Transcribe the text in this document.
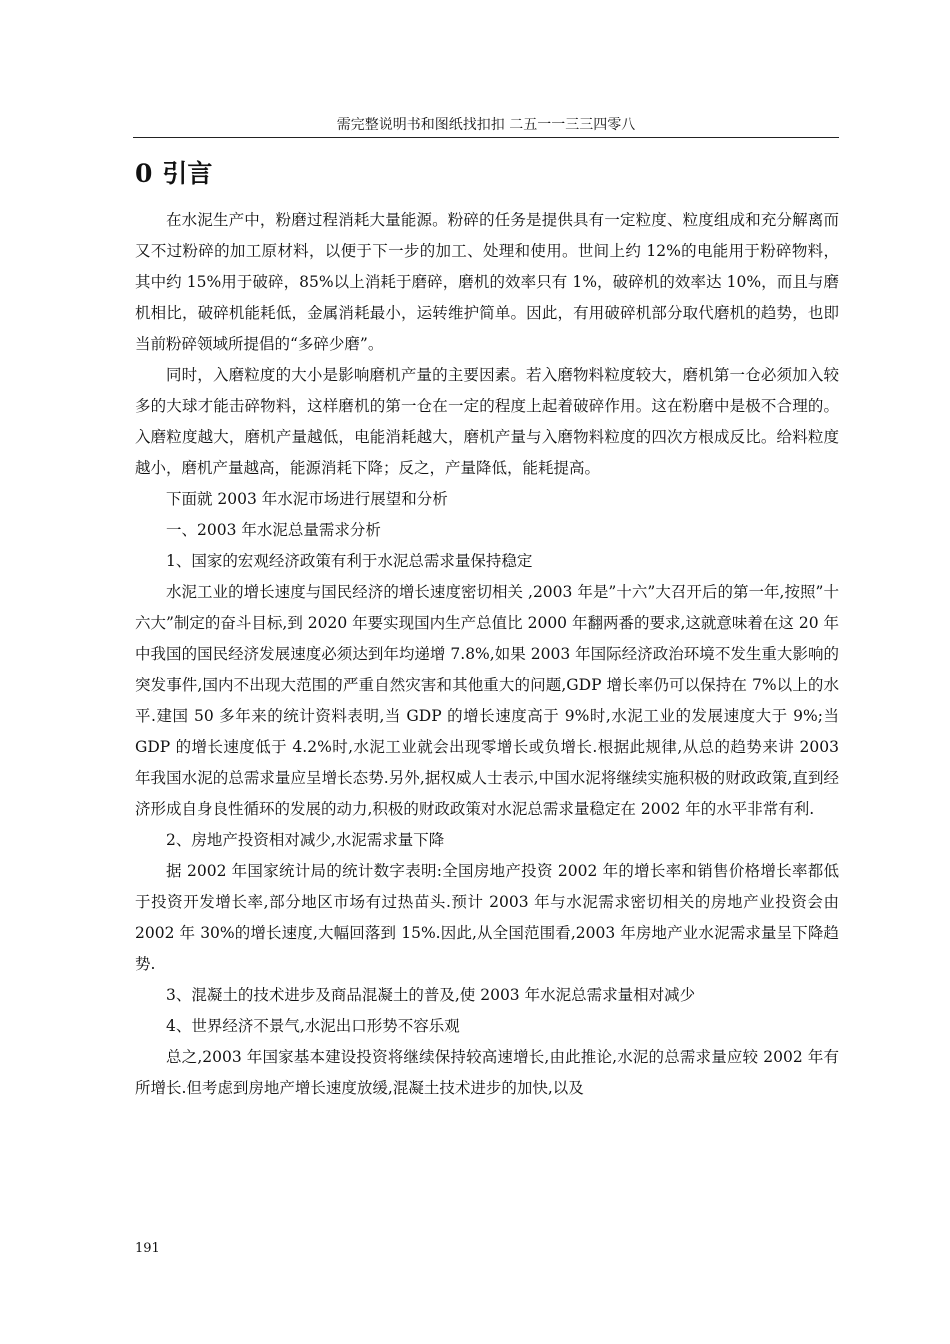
需完整说明书和图纸找扣扣 二五一一三三四零八
0 引言

在水泥生产中，粉磨过程消耗大量能源。粉碎的任务是提供具有一定粒度、粒度组成和充分解离而又不过粉碎的加工原材料，以便于下一步的加工、处理和使用。世间上约 12%的电能用于粉碎物料，其中约 15%用于破碎，85%以上消耗于磨碎，磨机的效率只有 1%，破碎机的效率达 10%，而且与磨机相比，破碎机能耗低，金属消耗最小，运转维护简单。因此，有用破碎机部分取代磨机的趋势，也即当前粉碎领域所提倡的“多碎少磨”。

同时，入磨粒度的大小是影响磨机产量的主要因素。若入磨物料粒度较大，磨机第一仓必须加入较多的大球才能击碎物料，这样磨机的第一仓在一定的程度上起着破碎作用。这在粉磨中是极不合理的。入磨粒度越大，磨机产量越低，电能消耗越大，磨机产量与入磨物料粒度的四次方根成反比。给料粒度越小，磨机产量越高，能源消耗下降；反之，产量降低，能耗提高。

下面就 2003 年水泥市场进行展望和分析

一、2003 年水泥总量需求分析

1、国家的宏观经济政策有利于水泥总需求量保持稳定

水泥工业的增长速度与国民经济的增长速度密切相关 ,2003 年是”十六”大召开后的第一年,按照”十六大”制定的奋斗目标,到 2020 年要实现国内生产总值比 2000 年翻两番的要求,这就意味着在这 20 年中我国的国民经济发展速度必须达到年均递增 7.8%,如果 2003 年国际经济政治环境不发生重大影响的突发事件,国内不出现大范围的严重自然灾害和其他重大的问题,GDP 增长率仍可以保持在 7%以上的水平.建国 50 多年来的统计资料表明,当 GDP 的增长速度高于 9%时,水泥工业的发展速度大于 9%;当 GDP 的增长速度低于 4.2%时,水泥工业就会出现零增长或负增长.根据此规律,从总的趋势来讲 2003 年我国水泥的总需求量应呈增长态势.另外,据权威人士表示,中国水泥将继续实施积极的财政政策,直到经济形成自身良性循环的发展的动力,积极的财政政策对水泥总需求量稳定在 2002 年的水平非常有利.

2、房地产投资相对减少,水泥需求量下降

据 2002 年国家统计局的统计数字表明:全国房地产投资 2002 年的增长率和销售价格增长率都低于投资开发增长率,部分地区市场有过热苗头.预计 2003 年与水泥需求密切相关的房地产业投资会由 2002 年 30%的增长速度,大幅回落到 15%.因此,从全国范围看,2003 年房地产业水泥需求量呈下降趋势.

3、混凝土的技术进步及商品混凝土的普及,使 2003 年水泥总需求量相对减少

4、世界经济不景气,水泥出口形势不容乐观

总之,2003 年国家基本建设投资将继续保持较高速增长,由此推论,水泥的总需求量应较 2002 年有所增长.但考虑到房地产增长速度放缓,混凝土技术进步的加快,以及

191
